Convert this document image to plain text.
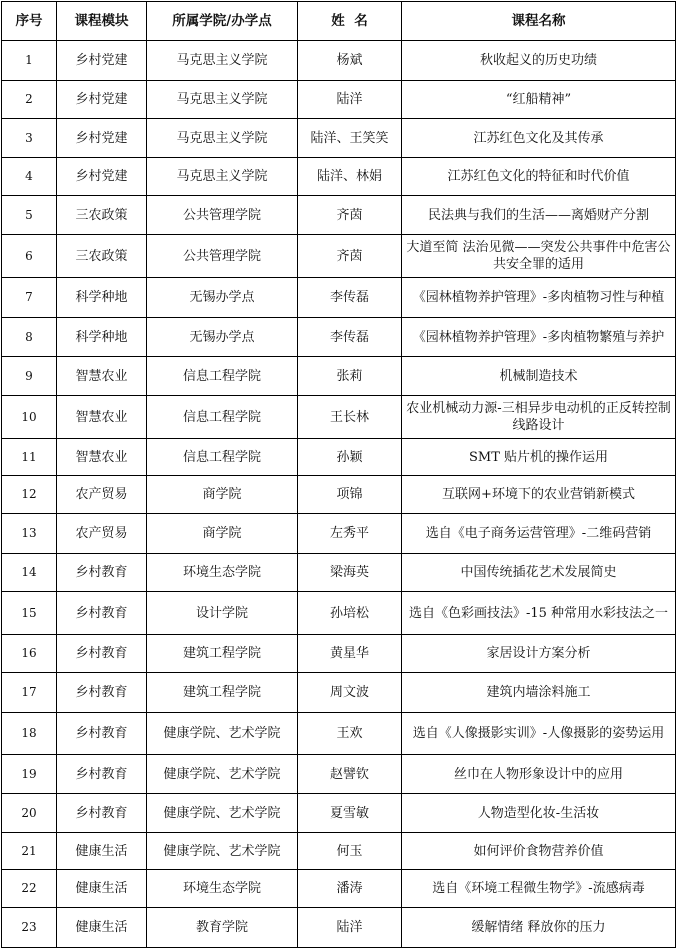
序号	课程模块	所属学院/办学点	姓  名	课程名称
1	乡村党建	马克思主义学院	杨斌	秋收起义的历史功绩
2	乡村党建	马克思主义学院	陆洋	“红船精神”
3	乡村党建	马克思主义学院	陆洋、王笑笑	江苏红色文化及其传承
4	乡村党建	马克思主义学院	陆洋、林娟	江苏红色文化的特征和时代价值
5	三农政策	公共管理学院	齐茵	民法典与我们的生活——离婚财产分割
6	三农政策	公共管理学院	齐茵	大道至简 法治见微——突发公共事件中危害公共安全罪的适用
7	科学种地	无锡办学点	李传磊	《园林植物养护管理》-多肉植物习性与种植
8	科学种地	无锡办学点	李传磊	《园林植物养护管理》-多肉植物繁殖与养护
9	智慧农业	信息工程学院	张莉	机械制造技术
10	智慧农业	信息工程学院	王长林	农业机械动力源-三相异步电动机的正反转控制线路设计
11	智慧农业	信息工程学院	孙颖	SMT 贴片机的操作运用
12	农产贸易	商学院	项锦	互联网+环境下的农业营销新模式
13	农产贸易	商学院	左秀平	选自《电子商务运营管理》-二维码营销
14	乡村教育	环境生态学院	梁海英	中国传统插花艺术发展简史
15	乡村教育	设计学院	孙培松	选自《色彩画技法》-15 种常用水彩技法之一
16	乡村教育	建筑工程学院	黄星华	家居设计方案分析
17	乡村教育	建筑工程学院	周文波	建筑内墙涂料施工
18	乡村教育	健康学院、艺术学院	王欢	选自《人像摄影实训》-人像摄影的姿势运用
19	乡村教育	健康学院、艺术学院	赵譬钦	丝巾在人物形象设计中的应用
20	乡村教育	健康学院、艺术学院	夏雪敏	人物造型化妆-生活妆
21	健康生活	健康学院、艺术学院	何玉	如何评价食物营养价值
22	健康生活	环境生态学院	潘涛	选自《环境工程微生物学》-流感病毒
23	健康生活	教育学院	陆洋	缓解情绪 释放你的压力
